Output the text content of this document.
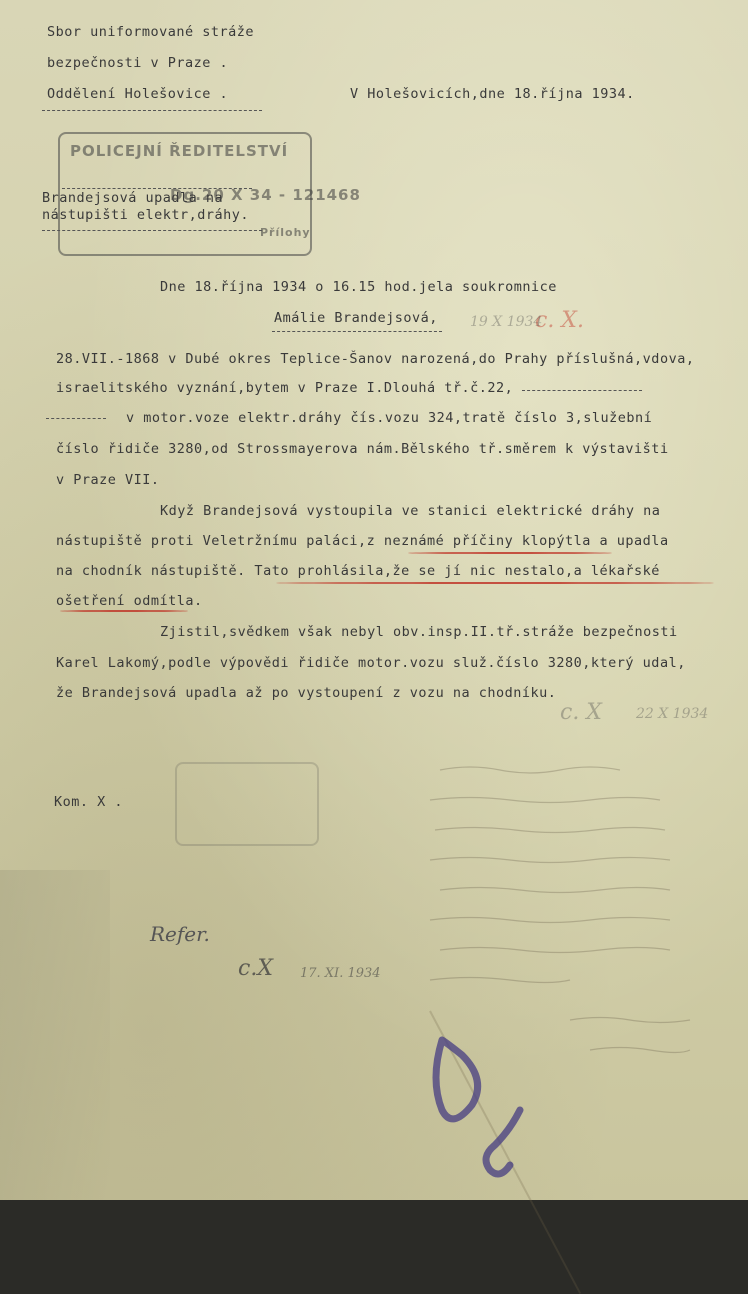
Sbor uniformované stráže
bezpečnosti v Praze .
Oddělení Holešovice .	V Holešovicích,dne 18.října 1934.
POLICEJNÍ ŘEDITELSTVÍ
Dg.20 X 34 - 121468
Přílohy
Brandejsová upadla na
nástupišti elektr,dráhy.
Dne 18.října 1934 o 16.15 hod.jela soukromnice
Amálie Brandejsová,
28.VII.-1868 v Dubé okres Teplice-Šanov narozená,do Prahy příslušná,vdova,
israelitského vyznání,bytem v Praze I.Dlouhá tř.č.22,
v motor.voze elektr.dráhy čís.vozu 324,tratě číslo 3,služební
číslo řidiče 3280,od Strossmayerova nám.Bělského tř.směrem k výstavišti
v Praze VII.
Když Brandejsová vystoupila ve stanici elektrické dráhy na
nástupiště proti Veletržnímu paláci,z neznámé příčiny klopýtla a upadla
na chodník nástupiště. Tato prohlásila,že se jí nic nestalo,a lékařské
ošetření odmítla.
Zjistil,svědkem však nebyl obv.insp.II.tř.stráže bezpečnosti
Karel Lakomý,podle výpovědi řidiče motor.vozu služ.číslo 3280,který udal,
že Brandejsová upadla až po vystoupení z vozu na chodníku.
c. X.
19 X 1934
c. X 22 X 1934
Kom. X .
Refer.
c.X 17. XI. 1934
